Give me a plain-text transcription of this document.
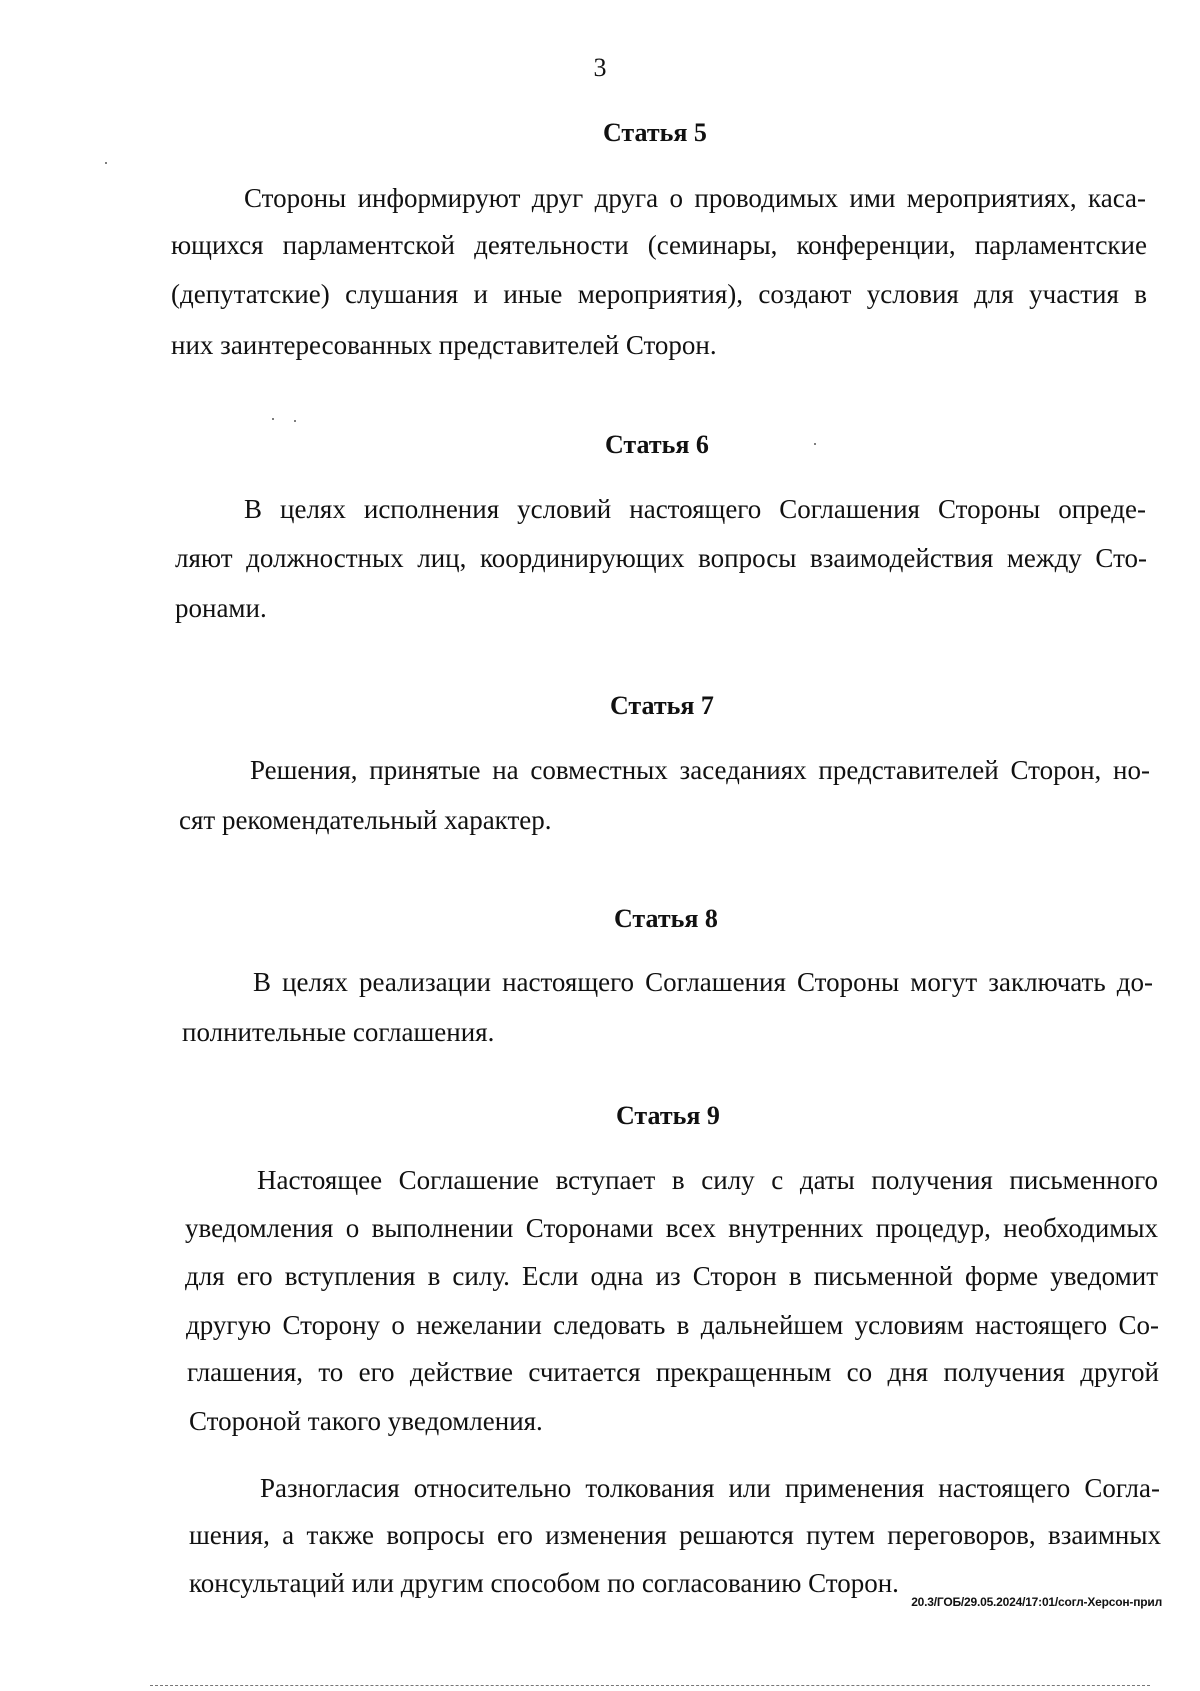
3
Статья 5
Стороны информируют друг друга о проводимых ими мероприятиях, каса-
ющихся парламентской деятельности (семинары, конференции, парламентские
(депутатские) слушания и иные мероприятия), создают условия для участия в
них заинтересованных представителей Сторон.
Статья 6
В целях исполнения условий настоящего Соглашения Стороны опреде-
ляют должностных лиц, координирующих вопросы взаимодействия между Сто-
ронами.
Статья 7
Решения, принятые на совместных заседаниях представителей Сторон, но-
сят рекомендательный характер.
Статья 8
В целях реализации настоящего Соглашения Стороны могут заключать до-
полнительные соглашения.
Статья 9
Настоящее Соглашение вступает в силу с даты получения письменного
уведомления о выполнении Сторонами всех внутренних процедур, необходимых
для его вступления в силу. Если одна из Сторон в письменной форме уведомит
другую Сторону о нежелании следовать в дальнейшем условиям настоящего Со-
глашения, то его действие считается прекращенным со дня получения другой
Стороной такого уведомления.
Разногласия относительно толкования или применения настоящего Согла-
шения, а также вопросы его изменения решаются путем переговоров, взаимных
консультаций или другим способом по согласованию Сторон.
20.3/ГОБ/29.05.2024/17:01/согл-Херсон-прил
